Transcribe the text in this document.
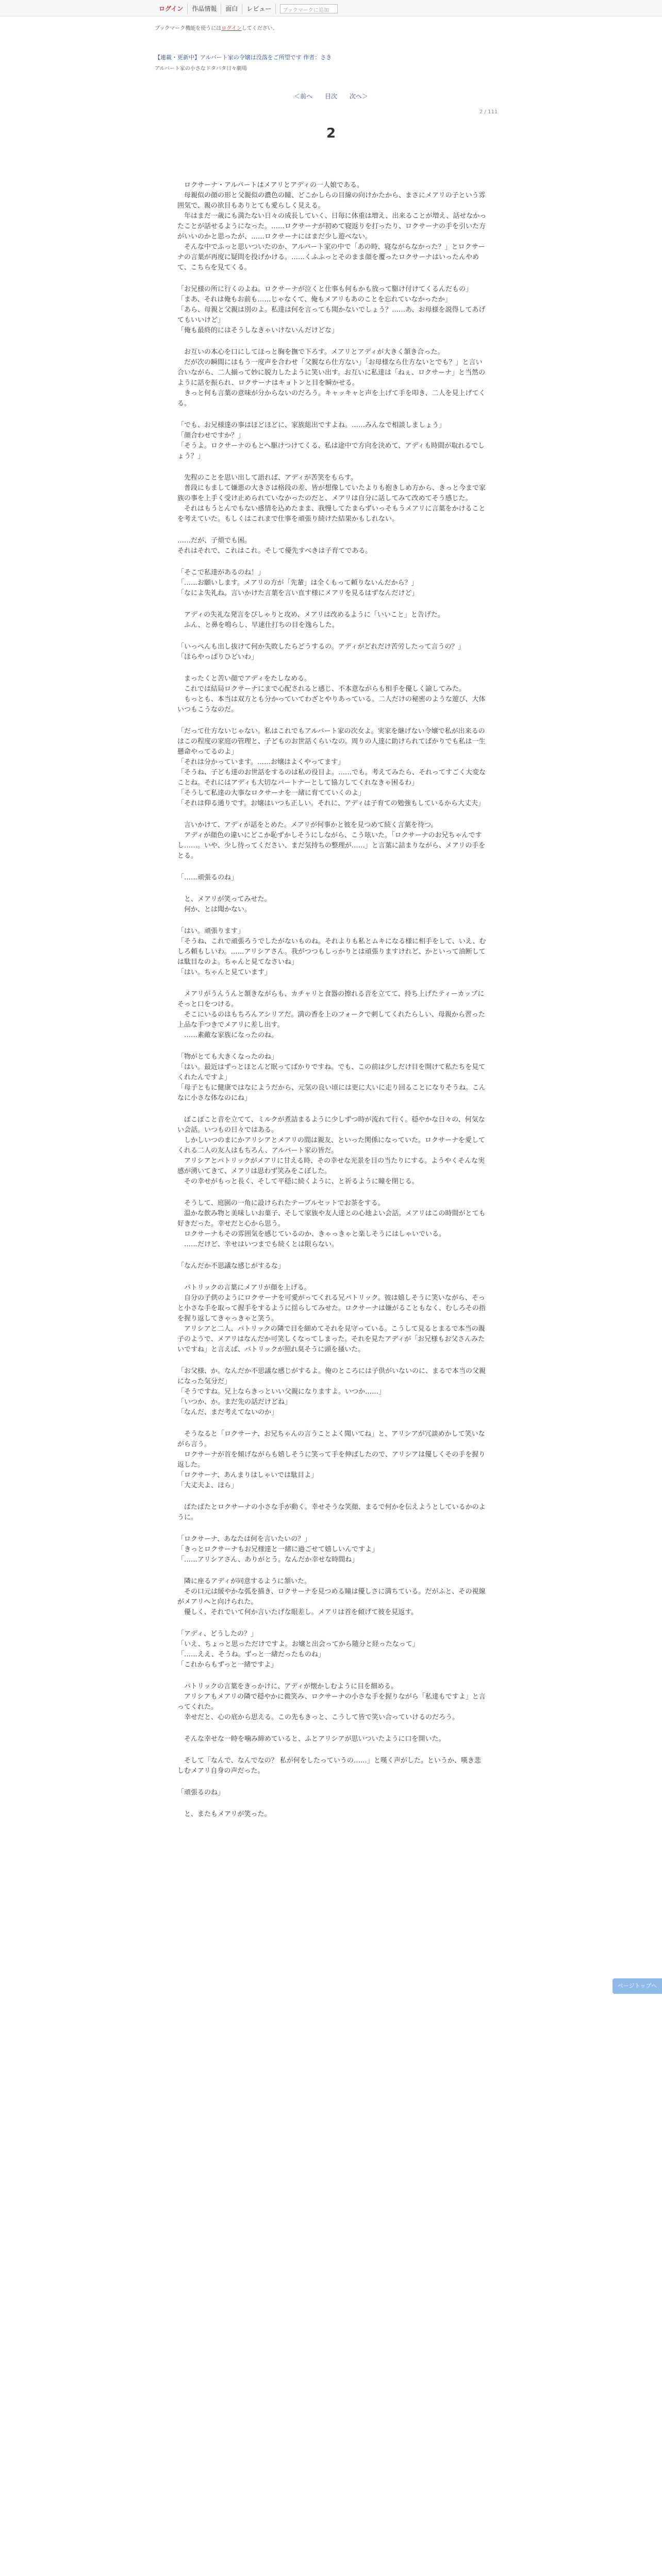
ログイン	作品情報	面白	レビュー	ブックマークに追加
ブックマーク機能を使うにはログインしてください。
【連載・更新中】アルバート家の令嬢は没落をご所望です 作者：さき
アルバート家の小さなドタバタ日々劇場
＜前へ 目次 次へ＞
2 / 111
2

　ロクサーナ・アルバートはメアリとアディの一人娘である。
　母親似の顔の形と父親似の濃色の瞳、どこかしらの目線の向けかたから、まさにメアリの子という雰囲気で、親の欲目もありとても愛らしく見える。
　年はまだ一歳にも満たない日々の成長していく、日毎に体重は増え、出来ることが増え、話せなかったことが話せるようになった。……ロクサーナが初めて寝返りを打ったり、ロクサーナの手を引いた方がいいのかと思ったが、……ロクサーナにはまだ少し遊べない。
　そんな中でふっと思いついたのか、アルバート家の中で「あの時、寝ながらなかった？」とロクサーナの言葉が再度に疑問を投げかける。……くふふっとそのまま顔を覆ったロクサーナはいったんやめて、こちらを見てくる。

「お兄様の所に行くのよね。ロクサーナが泣くと仕事も何もかも放って駆け付けてくるんだもの」
「まあ、それは俺もお前も……じゃなくて、俺もメアリもあのことを忘れていなかったか」
「あら、母親と父親は別のよ。私達は何を言っても聞かないでしょう？……あ、お母様を説得してあげてもいいけど」
「俺も最終的にはそうしなきゃいけないんだけどな」

　お互いの本心を口にしてほっと胸を撫で下ろす。メアリとアディが大きく頷き合った。
　だが次の瞬間にはもう一度声を合わせ「父親なら仕方ない」「お母様なら仕方ないとでも？」と言い合いながら、二人揃って妙に脱力したように笑い出す。お互いに私達は「ねぇ、ロクサーナ」と当然のように話を振られ、ロクサーナはキョトンと目を瞬かせる。
　きっと何も言葉の意味が分からないのだろう。キャッキャと声を上げて手を叩き、二人を見上げてくる。

「でも、お兄様達の事はほどほどに、家族総出ですよね。……みんなで相談しましょう」
「顔合わせですか？」
「そうよ。ロクサーナのもとへ駆けつけてくる、私は途中で方向を決めて、アディも時間が取れるでしょう？」

　先程のことを思い出して語れば、アディが苦笑をもらす。
　普段にもまして嫌悪の大きさは格段の差、皆が想像していたよりも抱きしめ方から、きっと今まで家族の事を上手く受け止められていなかったのだと、メアリは自分に話してみて改めてそう感じた。
　それはもうとんでもない感情を込めたまま、我慢してたまらずいっそもうメアリに言葉をかけることを考えていた。もしくはこれまで仕事を頑張り続けた結果かもしれない。

……だが、子煩でも困。
それはそれで、これはこれ。そして優先すべきは子育てである。

「そこで私達があるのね！」
「……お願いします。メアリの方が「先輩」は全くもって頼りないんだから？」
「なによ失礼ね。言いかけた言葉を言い直す様にメアリを見るはずなんだけど」

　アディの失礼な発言をぴしゃりと攻め、メアリは改めるように「いいこと」と告げた。
　ふん、と鼻を鳴らし、早速仕打ちの目を逸らした。

「いっぺんも出し抜けて何か失敗したらどうするの。アディがどれだけ苦労したって言うの？」
「ほらやっぱりひどいわ」

　まったくと苦い顔でアディをたしなめる。
　これでは結局ロクサーナにまで心配されると感じ、不本意ながらも相手を優しく諭してみた。
　もっとも、本当は双方とも分かっていてわざとやりあっている。二人だけの秘密のような遊び、大体いつもこうなのだ。

「だって仕方ないじゃない。私はこれでもアルバート家の次女よ。実家を継げない令嬢で私が出来るのはこの程度の家庭の管理と、子どものお世話くらいなの。周りの人達に助けられてばかりでも私は一生懸命やってるのよ」
「それは分かっています。……お嬢はよくやってます」
「そうね、子ども達のお世話をするのは私の役目よ。……でも。考えてみたら、それってすごく大変なことね。それにはアディも大切なパートナーとして協力してくれなきゃ困るわ」
「そうして私達の大事なロクサーナを一緒に育てていくのよ」
「それは仰る通りです。お嬢はいつも正しい。それに、アディは子育ての勉強もしているから大丈夫」

　言いかけて、アディが話をとめた。メアリが何事かと彼を見つめて続く言葉を待つ。
　アディが顔色の違いにどこか恥ずかしそうにしながら、こう呟いた。「ロクサーナのお兄ちゃんですし……。いや、少し待ってください、まだ気持ちの整理が……」と言葉に詰まりながら、メアリの手をとる。

「……頑張るのね」

　と、メアリが笑ってみせた。
　何か、とは聞かない。

「はい。頑張ります」
「そうね、これで頑張ろうでしたがないものね。それよりも私とムキになる様に相手をして、いえ、むしろ頼もしいわ。……アリシアさん。我がつつもしっかりとは頑張りますけれど、かといって油断しては駄目なのよ。ちゃんと見てなさいね」
「はい。ちゃんと見ています」

　メアリがうんうんと頷きながらも、カチャリと食器の擦れる音を立てて、持ち上げたティーカップにそっと口をつける。
　そこにいるのはもちろんアシリアだ。満の香を上のフォークで刺してくれたらしい、母親から習った上品な手つきでメアリに差し出す。
　……素敵な家族になったのね。

「物がとても大きくなったのね」
「はい。最近はずっとほとんど眠ってばかりですね。でも、この前は少しだけ目を開けて私たちを見てくれたんですよ」
「母子ともに健康ではなにようだから、元気の良い頃には更に大いに走り回ることになりそうね。こんなに小さな体なのにね」

　ぽこぽこと音を立てて、ミルクが煮詰まるように少しずつ時が流れて行く。穏やかな日々の、何気ない会話。いつもの日々ではある。
　しかしいつのまにかアリシアとメアリの間は親友、といった関係になっていた。ロクサーナを愛してくれる二人の友人はもちろん、アルバート家の皆だ。
　アリシアとパトリックがメアリに甘える時、その幸せな光景を目の当たりにする。ようやくそんな実感が湧いてきて、メアリは思わず笑みをこぼした。
　その幸せがもっと長く、そして平穏に続くように、と祈るように瞳を閉じる。

　そうして、庭園の一角に設けられたテーブルセットでお茶をする。
　温かな飲み物と美味しいお菓子、そして家族や友人達との心地よい会話。メアリはこの時間がとても好きだった。幸せだと心から思う。
　ロクサーナもその雰囲気を感じているのか、きゃっきゃと楽しそうにはしゃいでいる。
　……だけど、幸せはいつまでも続くとは限らない。

「なんだか不思議な感じがするな」

　パトリックの言葉にメアリが顔を上げる。
　自分の子供のようにロクサーナを可愛がってくれる兄パトリック。彼は嬉しそうに笑いながら、そっと小さな手を取って握手をするように揺らしてみせた。ロクサーナは嫌がることもなく、むしろその指を握り返してきゃっきゃと笑う。
　アリシアと二人、パトリックの隣で目を細めてそれを見守っている。こうして見るとまるで本当の親子のようで、メアリはなんだか可笑しくなってしまった。それを見たアディが「お兄様もお父さんみたいですね」と言えば、パトリックが照れ臭そうに頭を掻いた。

「お父様、か。なんだか不思議な感じがするよ。俺のところには子供がいないのに、まるで本当の父親になった気分だ」
「そうですね。兄上ならきっといい父親になりますよ。いつか……」
「いつか、か。まだ先の話だけどね」
「なんだ、まだ考えてないのか」

　そうなると「ロクサーナ、お兄ちゃんの言うことよく聞いてね」と、アリシアが冗談めかして笑いながら言う。
　ロクサーナが首を傾げながらも嬉しそうに笑って手を伸ばしたので、アリシアは優しくその手を握り返した。
「ロクサーナ、あんまりはしゃいでは駄目よ」
「大丈夫よ、ほら」

　ぱたぱたとロクサーナの小さな手が動く。幸せそうな笑顔、まるで何かを伝えようとしているかのように。

「ロクサーナ、あなたは何を言いたいの？」
「きっとロクサーナもお兄様達と一緒に過ごせて嬉しいんですよ」
「……アリシアさん、ありがとう。なんだか幸せな時間ね」

　隣に座るアディが同意するように頷いた。
　その口元は緩やかな弧を描き、ロクサーナを見つめる瞳は優しさに満ちている。だがふと、その視線がメアリへと向けられた。
　優しく、それでいて何か言いたげな眼差し。メアリは首を傾げて彼を見返す。

「アディ、どうしたの？」
「いえ、ちょっと思っただけですよ。お嬢と出会ってから随分と経ったなって」
「……ええ、そうね。ずっと一緒だったものね」
「これからもずっと一緒ですよ」

　パトリックの言葉をきっかけに、アディが懐かしむように目を細める。
　アリシアもメアリの隣で穏やかに微笑み、ロクサーナの小さな手を握りながら「私達もですよ」と言ってくれた。
　幸せだと、心の底から思える。この先もきっと、こうして皆で笑い合っていけるのだろう。

　そんな幸せな一時を噛み締めていると、ふとアリシアが思いついたように口を開いた。

　そして「なんで、なんでなの？ 私が何をしたっていうの……」と嘆く声がした。というか、嘆き悲しむメアリ自身の声だった。

「頑張るのね」

　と、またもメアリが笑った。

ページトップへ
